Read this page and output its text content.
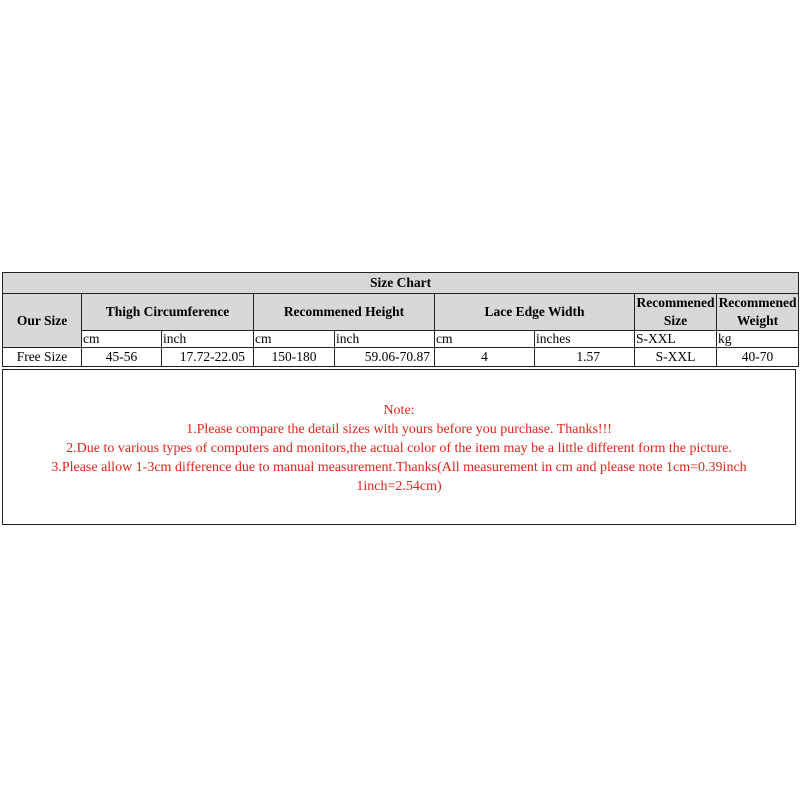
Size Chart								
Our Size	Thigh Circumference		Recommened Height		Lace Edge Width		Recommened Size	Recommened Weight
	cm	inch	cm	inch	cm	inches	S-XXL	kg
Free Size	45-56	17.72-22.05	150-180	59.06-70.87	4	1.57	S-XXL	40-70
Note:
1.Please compare the detail sizes with yours before you purchase. Thanks!!!
2.Due to various types of computers and monitors,the actual color of the item may be a little different form the picture.
3.Please allow 1-3cm difference due to manual measurement.Thanks(All measurement in cm and please note 1cm=0.39inch
1inch=2.54cm)
